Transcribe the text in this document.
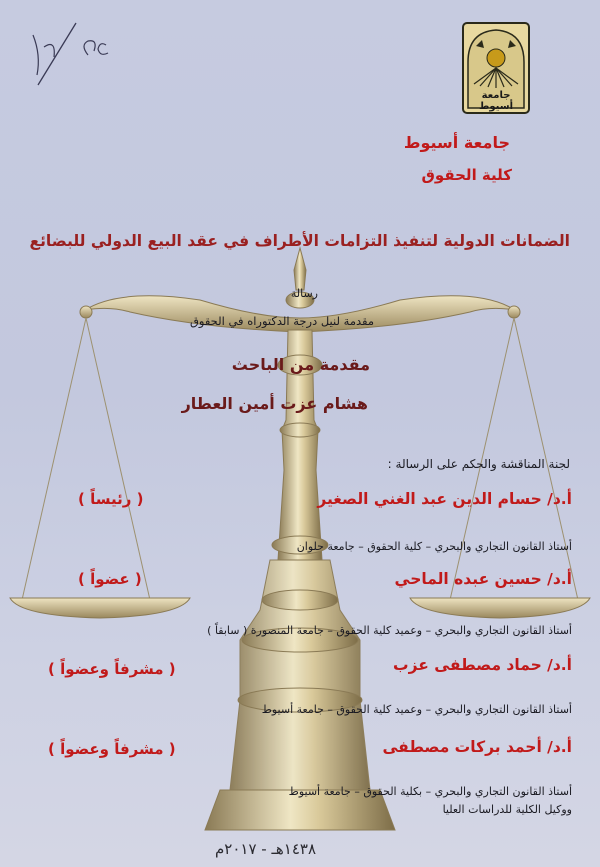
جامعة
أسيوط
جامعة أسيوط
كلية الحقوق
الضمانات الدولية لتنفيذ التزامات الأطراف في عقد البيع الدولي للبضائع
رسالة
مقدمة لنيل درجة الدكتوراه في الحقوق
مقدمة من الباحث
هشام عزت أمين العطار
لجنة المناقشة والحكم على الرسالة :
أ.د/ حسام الدين عبد الغني الصغير
( رئيساً )
أستاذ القانون التجاري والبحري – كلية الحقوق – جامعة حلوان
أ.د/ حسين عبده الماحي
( عضواً )
أستاذ القانون التجاري والبحري – وعميد كلية الحقوق – جامعة المنصورة ( سابقاً )
أ.د/ حماد مصطفى عزب
( مشرفاً وعضواً )
أستاذ القانون التجاري والبحري – وعميد كلية الحقوق – جامعة أسيوط
أ.د/ أحمد بركات مصطفى
( مشرفاً وعضواً )
أستاذ القانون التجاري والبحري – بكلية الحقوق – جامعة أسيوط
ووكيل الكلية للدراسات العليا
١٤٣٨هـ - ٢٠١٧م
